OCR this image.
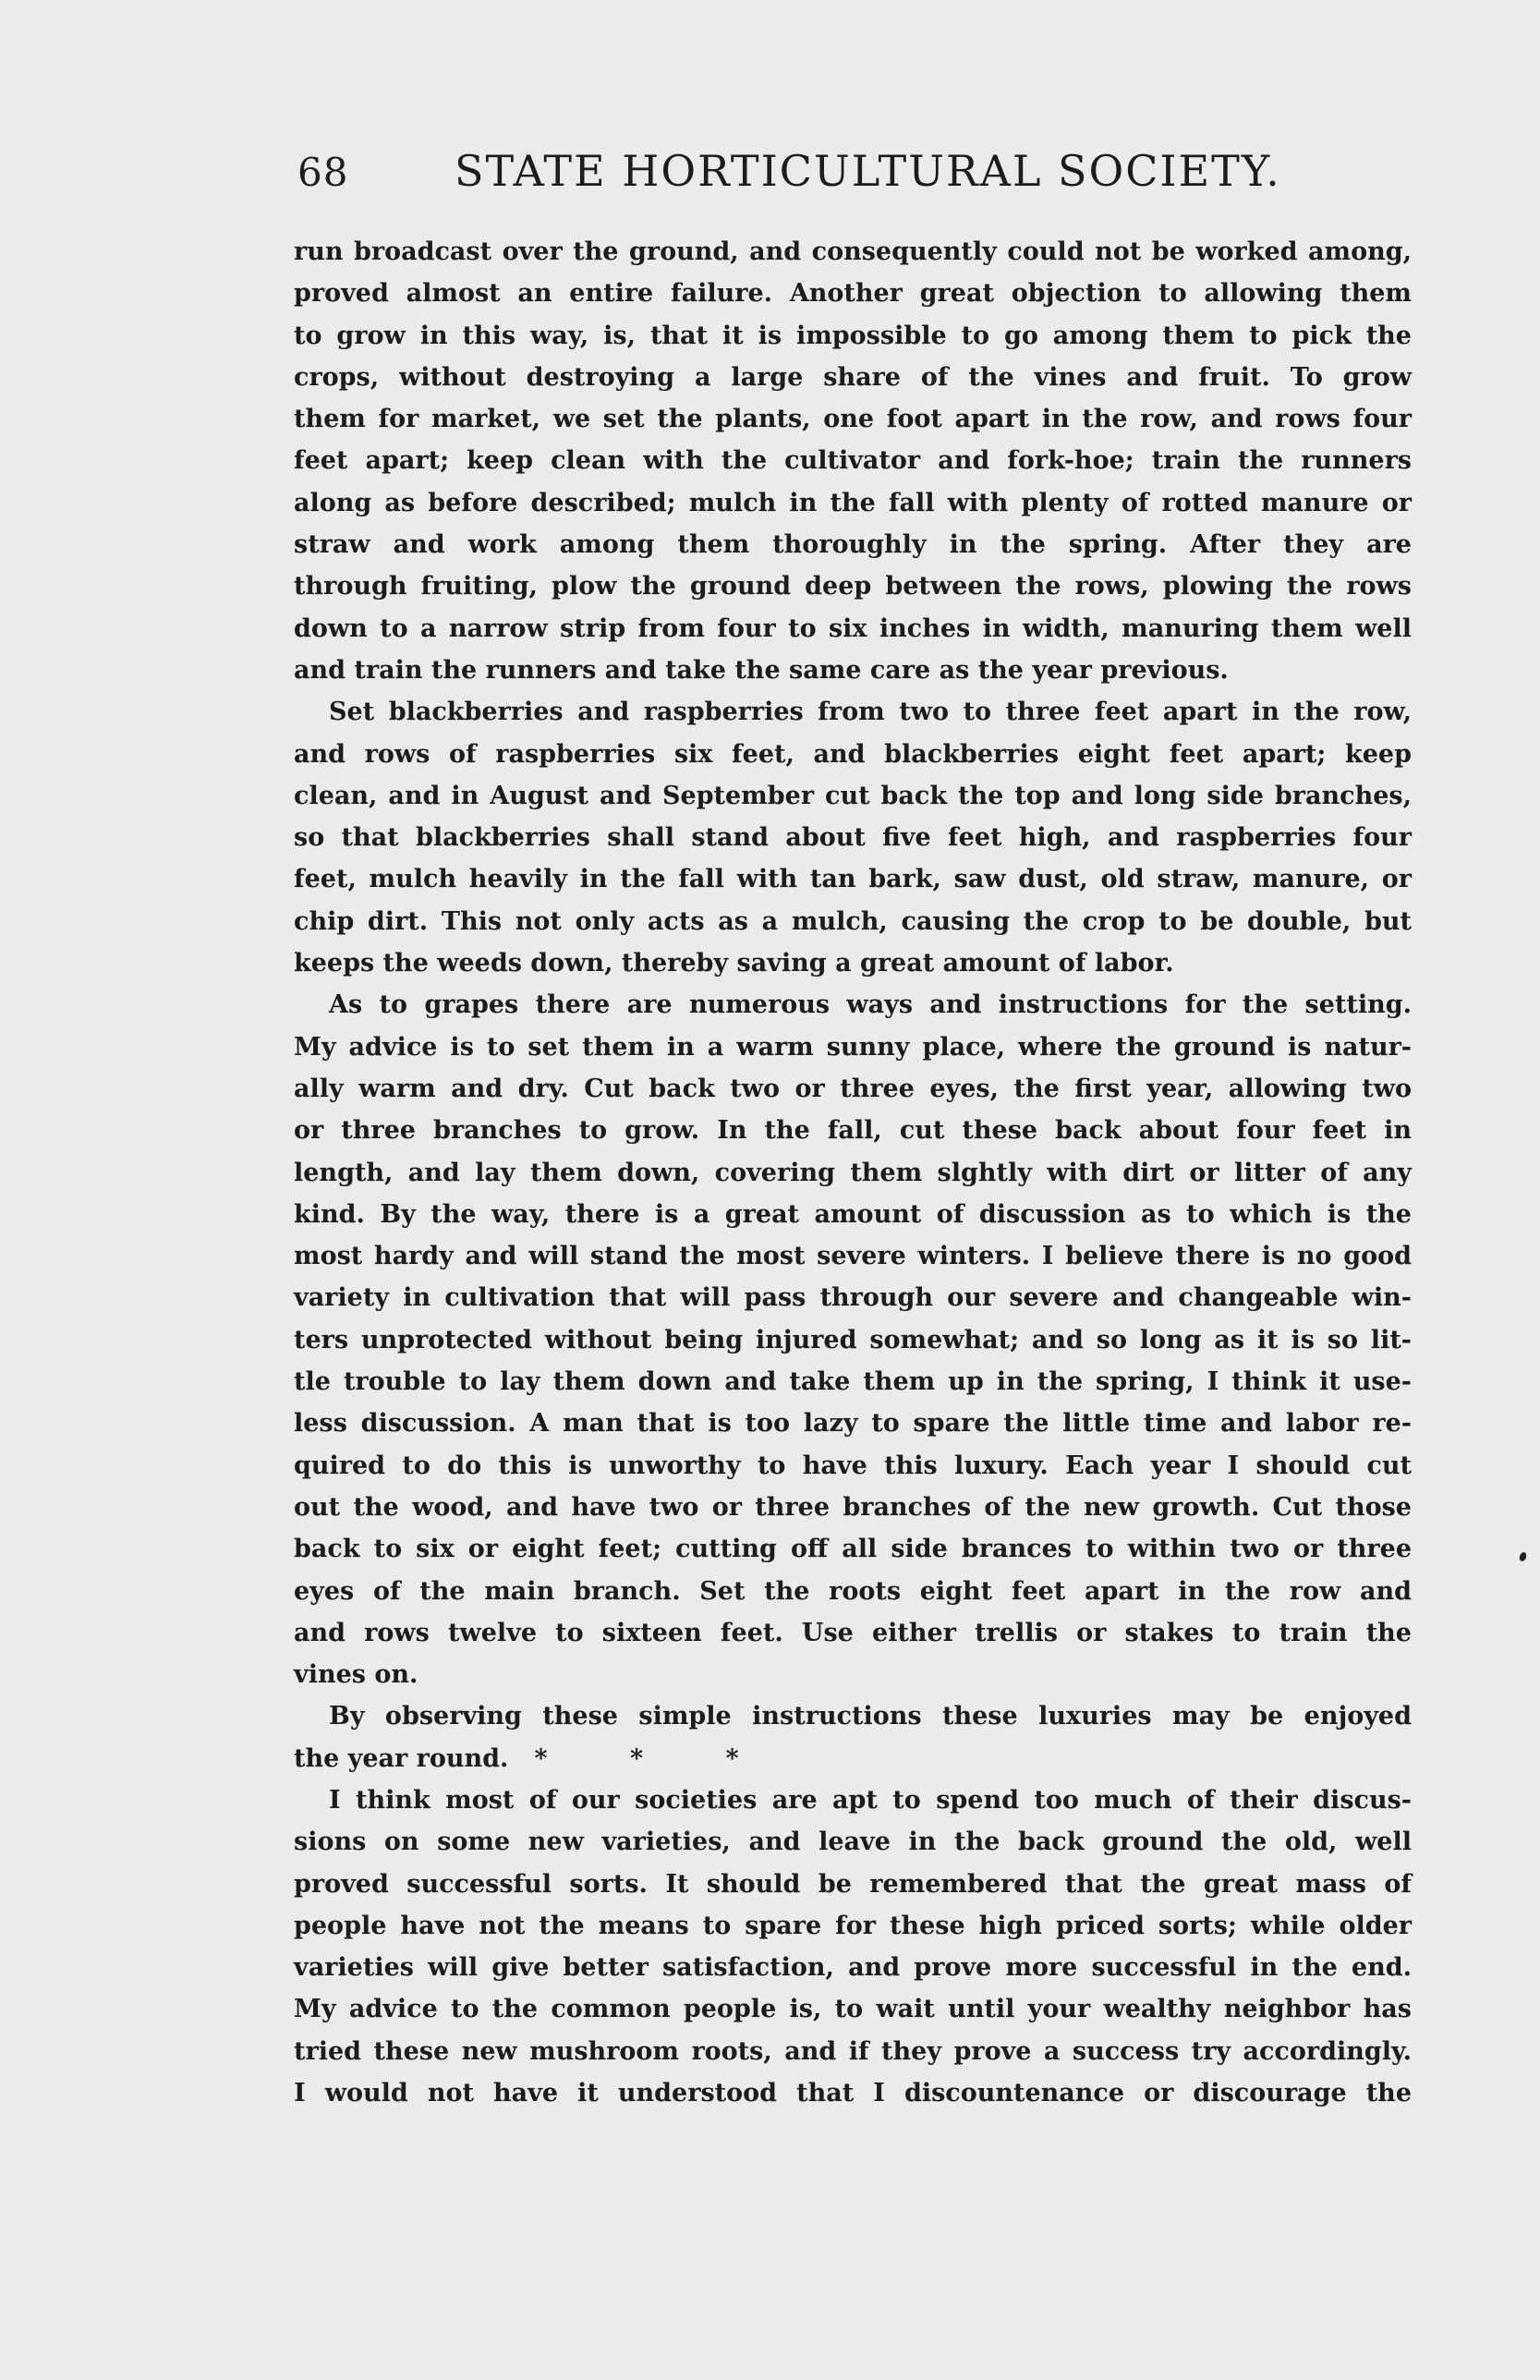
68 STATE HORTICULTURAL SOCIETY.
run broadcast over the ground, and consequently could not be worked among,
proved almost an entire failure. Another great objection to allowing them
to grow in this way, is, that it is impossible to go among them to pick the
crops, without destroying a large share of the vines and fruit. To grow
them for market, we set the plants, one foot apart in the row, and rows four
feet apart; keep clean with the cultivator and fork-hoe; train the runners
along as before described; mulch in the fall with plenty of rotted manure or
straw and work among them thoroughly in the spring. After they are
through fruiting, plow the ground deep between the rows, plowing the rows
down to a narrow strip from four to six inches in width, manuring them well
and train the runners and take the same care as the year previous.
Set blackberries and raspberries from two to three feet apart in the row,
and rows of raspberries six feet, and blackberries eight feet apart; keep
clean, and in August and September cut back the top and long side branches,
so that blackberries shall stand about five feet high, and raspberries four
feet, mulch heavily in the fall with tan bark, saw dust, old straw, manure, or
chip dirt. This not only acts as a mulch, causing the crop to be double, but
keeps the weeds down, thereby saving a great amount of labor.
As to grapes there are numerous ways and instructions for the setting.
My advice is to set them in a warm sunny place, where the ground is natur-
ally warm and dry. Cut back two or three eyes, the first year, allowing two
or three branches to grow. In the fall, cut these back about four feet in
length, and lay them down, covering them slghtly with dirt or litter of any
kind. By the way, there is a great amount of discussion as to which is the
most hardy and will stand the most severe winters. I believe there is no good
variety in cultivation that will pass through our severe and changeable win-
ters unprotected without being injured somewhat; and so long as it is so lit-
tle trouble to lay them down and take them up in the spring, I think it use-
less discussion. A man that is too lazy to spare the little time and labor re-
quired to do this is unworthy to have this luxury. Each year I should cut
out the wood, and have two or three branches of the new growth. Cut those
back to six or eight feet; cutting off all side brances to within two or three
eyes of the main branch. Set the roots eight feet apart in the row and
and rows twelve to sixteen feet. Use either trellis or stakes to train the
vines on.
By observing these simple instructions these luxuries may be enjoyed
the year round. * * *
I think most of our societies are apt to spend too much of their discus-
sions on some new varieties, and leave in the back ground the old, well
proved successful sorts. It should be remembered that the great mass of
people have not the means to spare for these high priced sorts; while older
varieties will give better satisfaction, and prove more successful in the end.
My advice to the common people is, to wait until your wealthy neighbor has
tried these new mushroom roots, and if they prove a success try accordingly.
I would not have it understood that I discountenance or discourage the
